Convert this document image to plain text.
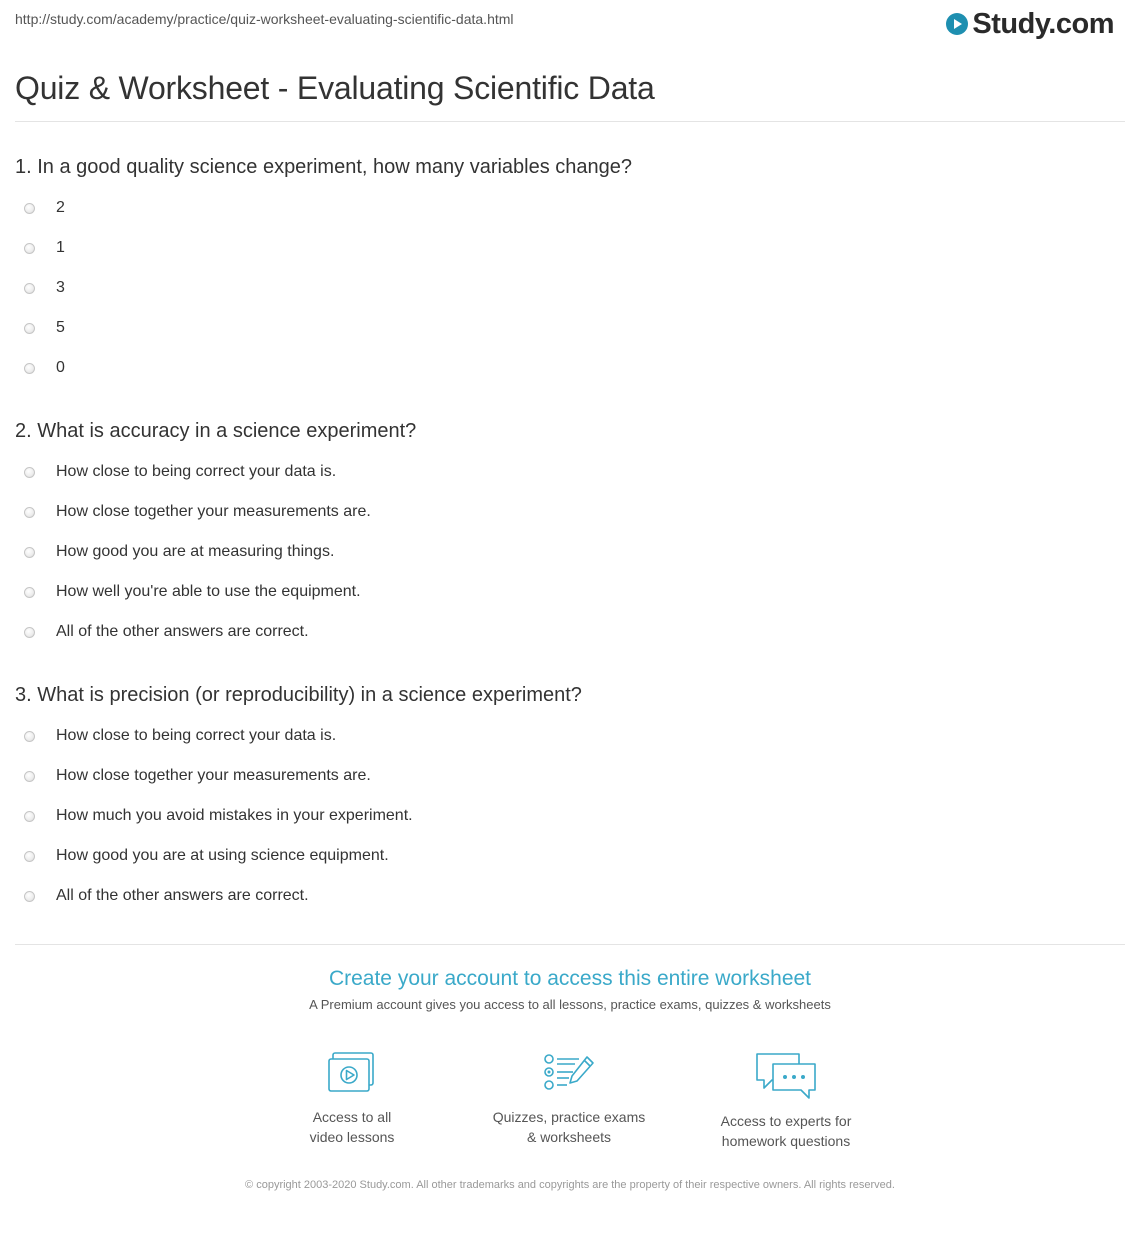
http://study.com/academy/practice/quiz-worksheet-evaluating-scientific-data.html	Study.com
Quiz & Worksheet - Evaluating Scientific Data
1. In a good quality science experiment, how many variables change?
2
1
3
5
0
2. What is accuracy in a science experiment?
How close to being correct your data is.
How close together your measurements are.
How good you are at measuring things.
How well you're able to use the equipment.
All of the other answers are correct.
3. What is precision (or reproducibility) in a science experiment?
How close to being correct your data is.
How close together your measurements are.
How much you avoid mistakes in your experiment.
How good you are at using science equipment.
All of the other answers are correct.
Create your account to access this entire worksheet

A Premium account gives you access to all lessons, practice exams, quizzes & worksheets

Access to all
video lessons
Quizzes, practice exams
& worksheets
Access to experts for
homework questions
© copyright 2003-2020 Study.com. All other trademarks and copyrights are the property of their respective owners. All rights reserved.
